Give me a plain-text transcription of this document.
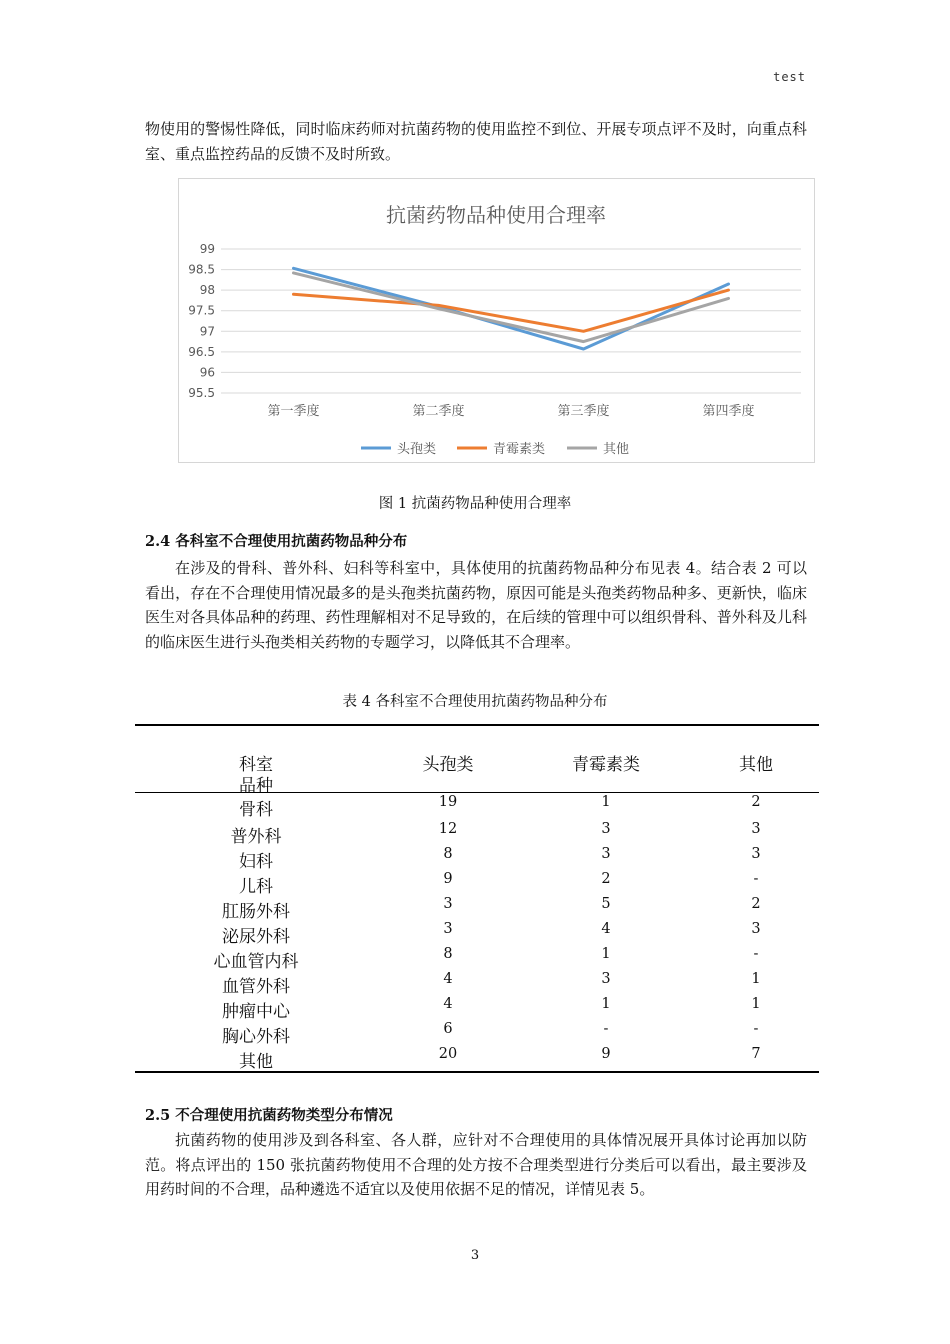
test
物使用的警惕性降低，同时临床药师对抗菌药物的使用监控不到位、开展专项点评不及时，向重点科室、重点监控药品的反馈不及时所致。
抗菌药物品种使用合理率
99
98.5
98
97.5
97
96.5
96
95.5
第一季度	第二季度	第三季度	第四季度
头孢类	青霉素类	其他
图 1 抗菌药物品种使用合理率
2.4 各科室不合理使用抗菌药物品种分布
在涉及的骨科、普外科、妇科等科室中，具体使用的抗菌药物品种分布见表 4。结合表 2 可以看出，存在不合理使用情况最多的是头孢类抗菌药物，原因可能是头孢类药物品种多、更新快，临床医生对各具体品种的药理、药性理解相对不足导致的，在后续的管理中可以组织骨科、普外科及儿科的临床医生进行头孢类相关药物的专题学习，以降低其不合理率。
表 4 各科室不合理使用抗菌药物品种分布
科室
品种
头孢类	青霉素类	其他
骨科	19	1	2
普外科	12	3	3
妇科	8	3	3
儿科	9	2	-
肛肠外科	3	5	2
泌尿外科	3	4	3
心血管内科	8	1	-
血管外科	4	3	1
肿瘤中心	4	1	1
胸心外科	6	-	-
其他	20	9	7
2.5 不合理使用抗菌药物类型分布情况
抗菌药物的使用涉及到各科室、各人群，应针对不合理使用的具体情况展开具体讨论再加以防范。将点评出的 150 张抗菌药物使用不合理的处方按不合理类型进行分类后可以看出，最主要涉及用药时间的不合理，品种遴选不适宜以及使用依据不足的情况，详情见表 5。
3
